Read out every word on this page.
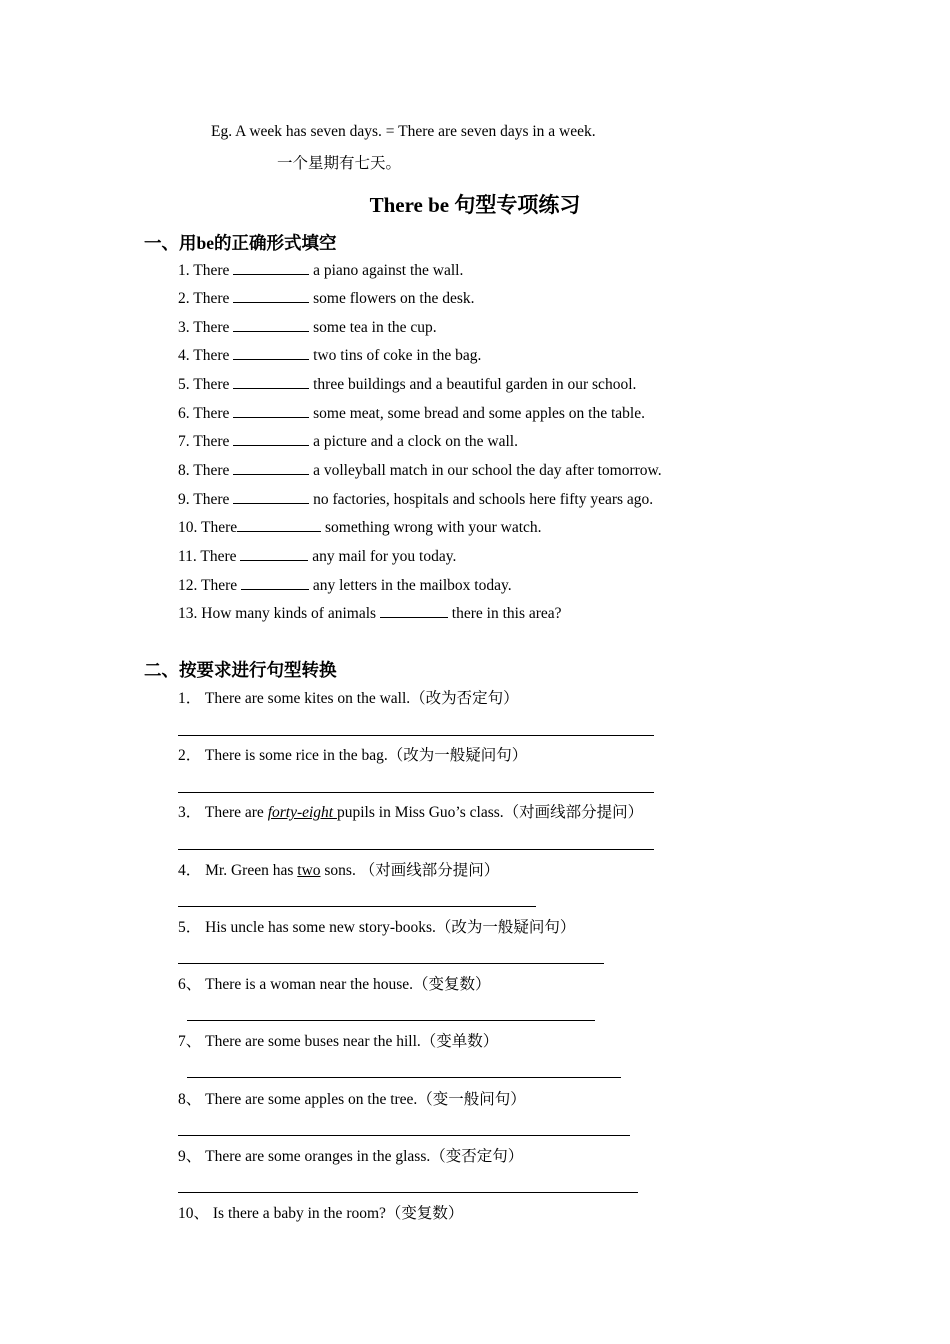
Eg. A week has seven days. = There are seven days in a week.
一个星期有七天。
There be 句型专项练习
一、用be的正确形式填空
1. There	a piano against the wall.
2. There	some flowers on the desk.
3. There	some tea in the cup.
4. There	two tins of coke in the bag.
5. There	three buildings and a beautiful garden in our school.
6. There	some meat, some bread and some apples on the table.
7. There	a picture and a clock on the wall.
8. There	a volleyball match in our school the day after tomorrow.
9. There	no factories, hospitals and schools here fifty years ago.
10. There	something wrong with your watch.
11. There	any mail for you today.
12. There	any letters in the mailbox today.
13. How many kinds of animals	there in this area?
二、按要求进行句型转换
1． There are some kites on the wall.（改为否定句）
2． There is some rice in the bag.（改为一般疑问句）
3． There are forty-eight pupils in Miss Guo’s class.（对画线部分提问）
4． Mr. Green has two sons. （对画线部分提问）
5． His uncle has some new story-books.（改为一般疑问句）
6、 There is a woman near the house.（变复数）
7、 There are some buses near the hill.（变单数）
8、 There are some apples on the tree.（变一般问句）
9、 There are some oranges in the glass.（变否定句）
10、 Is there a baby in the room?（变复数）
